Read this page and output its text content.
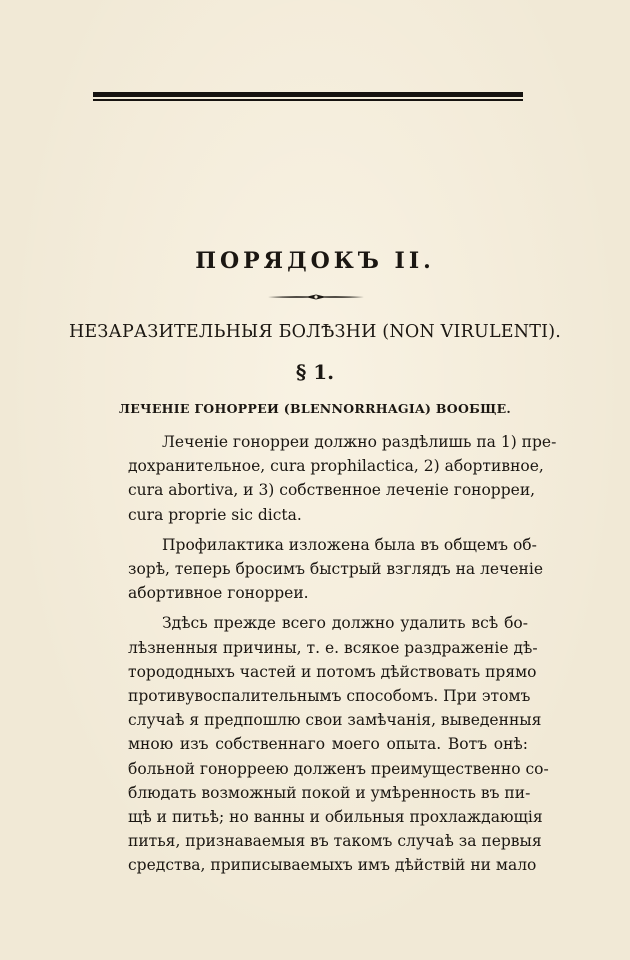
ПОРЯДОКЪ II.
НЕЗАРАЗИТЕЛЬНЫЯ БОЛѢЗНИ (NON VIRULENTI).
§ 1.
ЛЕЧЕНІЕ ГОНОРРЕИ (BLENNORRHAGIA) ВООБЩЕ.

Леченіе гонорреи должно раздѣлишь па 1) пре-
дохранительное, cura prophilactica, 2) абортивное,
cura abortiva, и 3) собственное леченіе гонорреи,
cura proprie sic dicta.

Профилактика изложена была въ общемъ об-
зорѣ, теперь бросимъ быстрый взглядъ на леченіе
абортивное гонорреи.

Здѣсь прежде всего должно удалить всѣ бо-
лѣзненныя причины, т. е. всякое раздраженіе дѣ-
торододныхъ частей и потомъ дѣйствовать прямо
противувоспалительнымъ способомъ. При этомъ
случаѣ я предпошлю свои замѣчанія, выведенныя
мною изъ собственнаго моего опыта. Вотъ онѣ:
больной гонорреею долженъ преимущественно со-
блюдать возможный покой и умѣренность въ пи-
щѣ и питьѣ; но ванны и обильныя прохлаждающія
питья, признаваемыя въ такомъ случаѣ за первыя
средства, приписываемыхъ имъ дѣйствій ни мало
